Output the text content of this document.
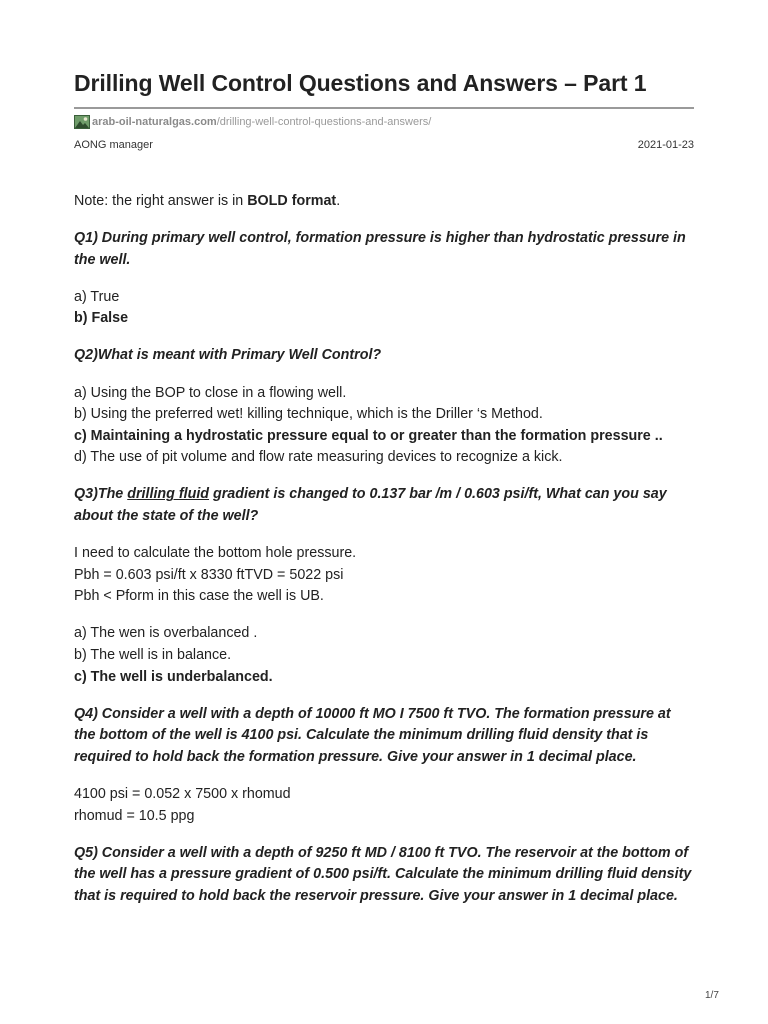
Drilling Well Control Questions and Answers – Part 1
arab-oil-naturalgas.com /drilling-well-control-questions-and-answers/
AONG manager	2021-01-23

Note: the right answer is in BOLD format.

Q1) During primary well control, formation pressure is higher than hydrostatic pressure in the well.

a) True
b) False

Q2)What is meant with Primary Well Control?

a) Using the BOP to close in a flowing well.
b) Using the preferred wet! killing technique, which is the Driller ‘s Method.
c) Maintaining a hydrostatic pressure equal to or greater than the formation pressure ..
d) The use of pit volume and flow rate measuring devices to recognize a kick.

Q3)The drilling fluid gradient is changed to 0.137 bar /m / 0.603 psi/ft, What can you say about the state of the well?

I need to calculate the bottom hole pressure.
Pbh = 0.603 psi/ft x 8330 ftTVD = 5022 psi
Pbh < Pform in this case the well is UB.

a) The wen is overbalanced .
b) The well is in balance.
c) The well is underbalanced.

Q4) Consider a well with a depth of 10000 ft MO I 7500 ft TVO. The formation pressure at the bottom of the well is 4100 psi. Calculate the minimum drilling fluid density that is required to hold back the formation pressure. Give your answer in 1 decimal place.

4100 psi = 0.052 x 7500 x rhomud
rhomud = 10.5 ppg

Q5) Consider a well with a depth of 9250 ft MD / 8100 ft TVO. The reservoir at the bottom of the well has a pressure gradient of 0.500 psi/ft. Calculate the minimum drilling fluid density that is required to hold back the reservoir pressure. Give your answer in 1 decimal place.

1/7
